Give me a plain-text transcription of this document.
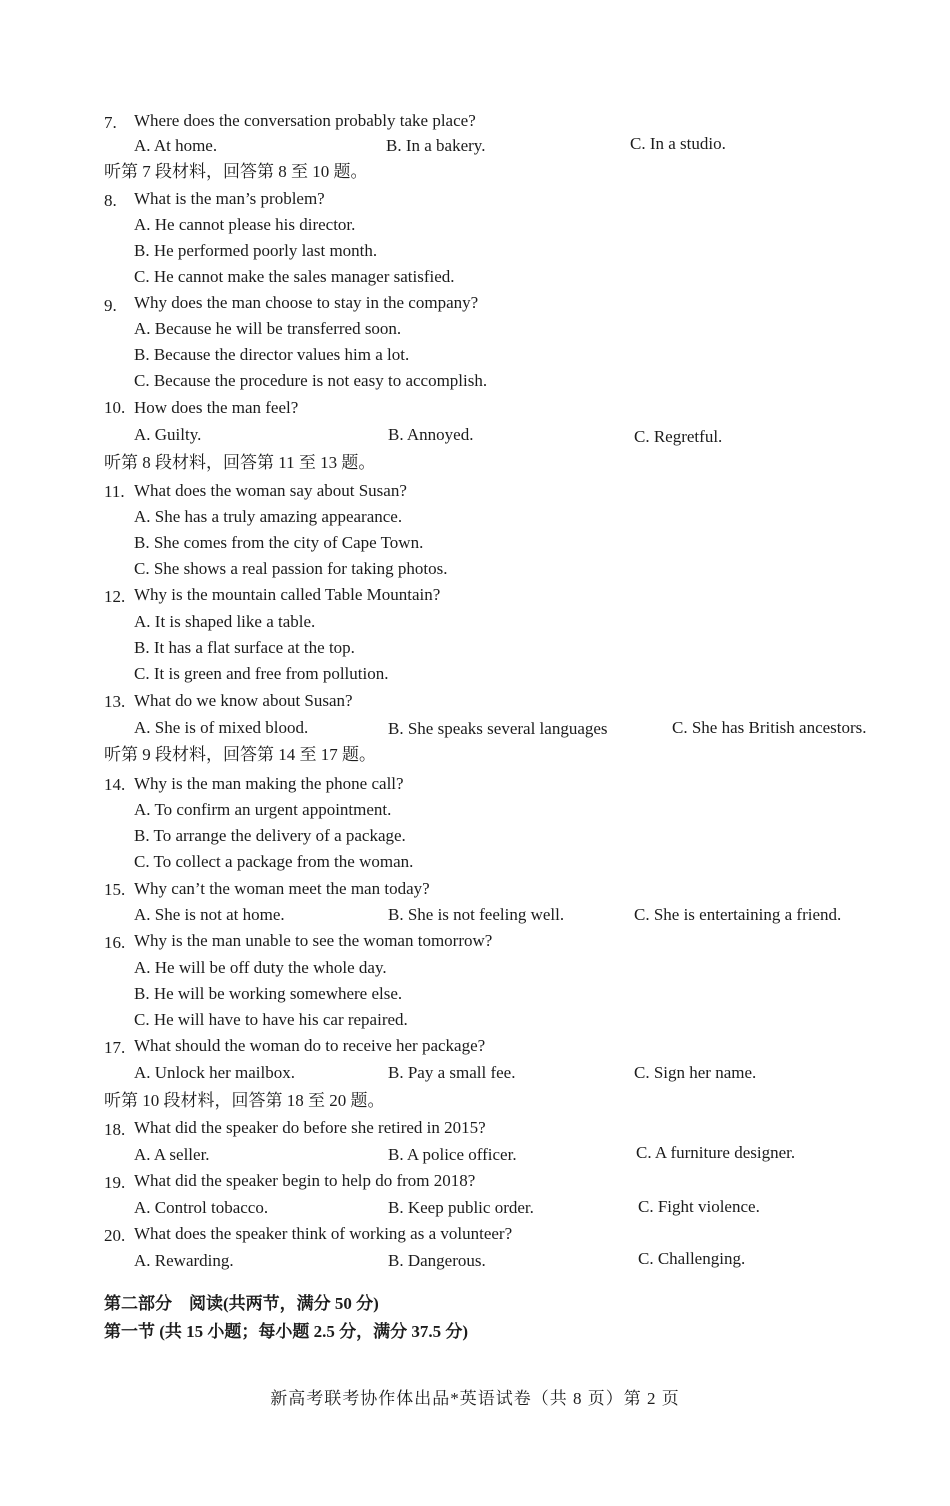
7. Where does the conversation probably take place?
A. At home.	B. In a bakery.	C. In a studio.
听第 7 段材料，回答第 8 至 10 题。
8. What is the man’s problem?
A. He cannot please his director.
B. He performed poorly last month.
C. He cannot make the sales manager satisfied.
9. Why does the man choose to stay in the company?
A. Because he will be transferred soon.
B. Because the director values him a lot.
C. Because the procedure is not easy to accomplish.
10. How does the man feel?
A. Guilty.	B. Annoyed.	C. Regretful.
听第 8 段材料，回答第 11 至 13 题。
11. What does the woman say about Susan?
A. She has a truly amazing appearance.
B. She comes from the city of Cape Town.
C. She shows a real passion for taking photos.
12. Why is the mountain called Table Mountain?
A. It is shaped like a table.
B. It has a flat surface at the top.
C. It is green and free from pollution.
13. What do we know about Susan?
A. She is of mixed blood.	B. She speaks several languages	C. She has British ancestors.
听第 9 段材料，回答第 14 至 17 题。
14. Why is the man making the phone call?
A. To confirm an urgent appointment.
B. To arrange the delivery of a package.
C. To collect a package from the woman.
15. Why can’t the woman meet the man today?
A. She is not at home.	B. She is not feeling well.	C. She is entertaining a friend.
16. Why is the man unable to see the woman tomorrow?
A. He will be off duty the whole day.
B. He will be working somewhere else.
C. He will have to have his car repaired.
17. What should the woman do to receive her package?
A. Unlock her mailbox.	B. Pay a small fee.	C. Sign her name.
听第 10 段材料，回答第 18 至 20 题。
18. What did the speaker do before she retired in 2015?
A. A seller.	B. A police officer.	C. A furniture designer.
19. What did the speaker begin to help do from 2018?
A. Control tobacco.	B. Keep public order.	C. Fight violence.
20. What does the speaker think of working as a volunteer?
A. Rewarding.	B. Dangerous.	C. Challenging.
第二部分　阅读(共两节，满分 50 分)
第一节 (共 15 小题；每小题 2.5 分，满分 37.5 分)
新高考联考协作体出品*英语试卷（共 8 页）第 2 页
